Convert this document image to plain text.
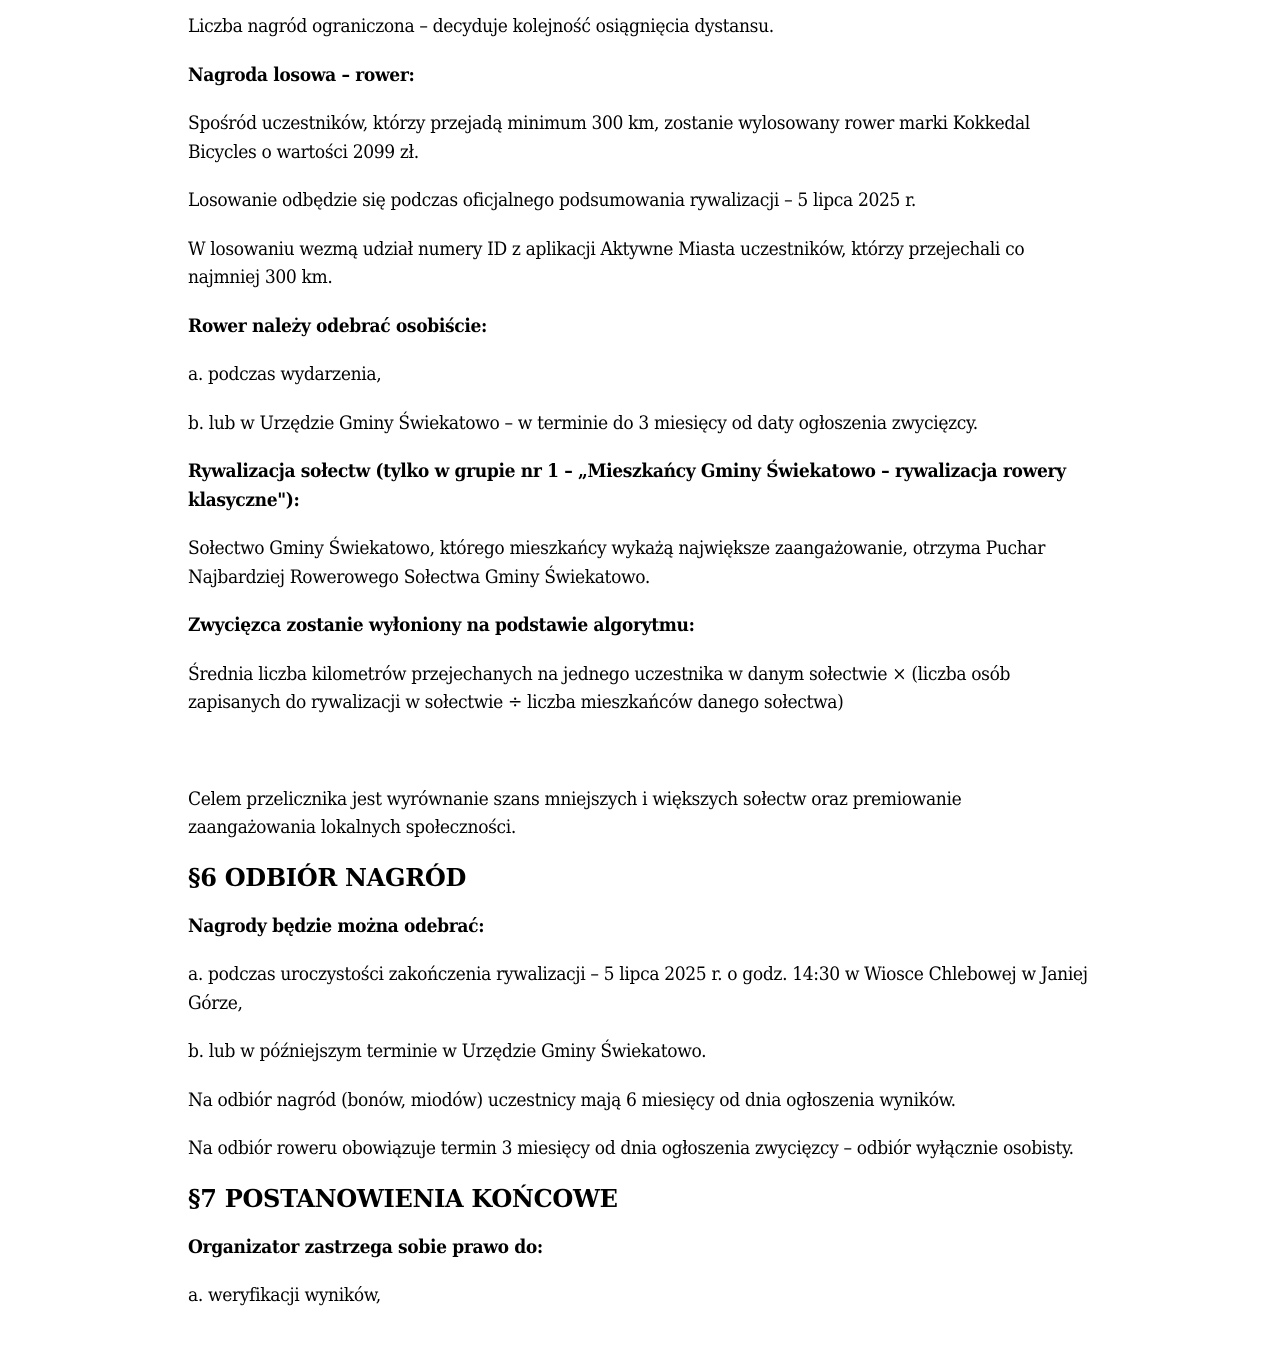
Liczba nagród ograniczona – decyduje kolejność osiągnięcia dystansu.

Nagroda losowa – rower:

Spośród uczestników, którzy przejadą minimum 300 km, zostanie wylosowany rower marki Kokkedal Bicycles o wartości 2099 zł.

Losowanie odbędzie się podczas oficjalnego podsumowania rywalizacji – 5 lipca 2025 r.

W losowaniu wezmą udział numery ID z aplikacji Aktywne Miasta uczestników, którzy przejechali co najmniej 300 km.

Rower należy odebrać osobiście:

a. podczas wydarzenia,

b. lub w Urzędzie Gminy Świekatowo – w terminie do 3 miesięcy od daty ogłoszenia zwycięzcy.

Rywalizacja sołectw (tylko w grupie nr 1 – „Mieszkańcy Gminy Świekatowo – rywalizacja rowery klasyczne"):

Sołectwo Gminy Świekatowo, którego mieszkańcy wykażą największe zaangażowanie, otrzyma Puchar Najbardziej Rowerowego Sołectwa Gminy Świekatowo.

Zwycięzca zostanie wyłoniony na podstawie algorytmu:

Średnia liczba kilometrów przejechanych na jednego uczestnika w danym sołectwie × (liczba osób zapisanych do rywalizacji w sołectwie ÷ liczba mieszkańców danego sołectwa)

Celem przelicznika jest wyrównanie szans mniejszych i większych sołectw oraz premiowanie zaangażowania lokalnych społeczności.

§6 ODBIÓR NAGRÓD

Nagrody będzie można odebrać:

a. podczas uroczystości zakończenia rywalizacji – 5 lipca 2025 r. o godz. 14:30 w Wiosce Chlebowej w Janiej Górze,

b. lub w późniejszym terminie w Urzędzie Gminy Świekatowo.

Na odbiór nagród (bonów, miodów) uczestnicy mają 6 miesięcy od dnia ogłoszenia wyników.

Na odbiór roweru obowiązuje termin 3 miesięcy od dnia ogłoszenia zwycięzcy – odbiór wyłącznie osobisty.

§7 POSTANOWIENIA KOŃCOWE

Organizator zastrzega sobie prawo do:

a. weryfikacji wyników,
